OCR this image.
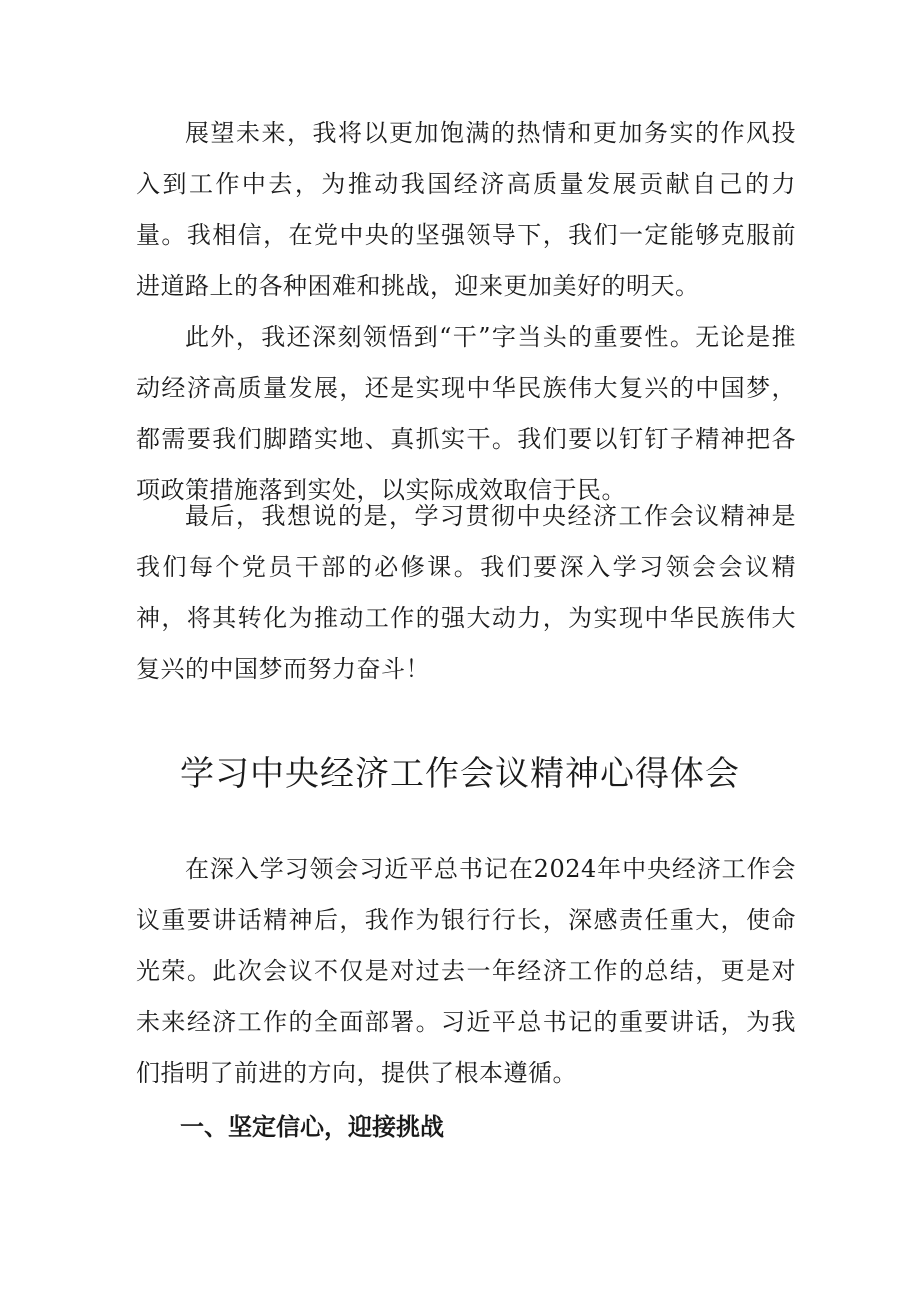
展望未来，我将以更加饱满的热情和更加务实的作风投入到工作中去，为推动我国经济高质量发展贡献自己的力量。我相信，在党中央的坚强领导下，我们一定能够克服前进道路上的各种困难和挑战，迎来更加美好的明天。

此外，我还深刻领悟到“干”字当头的重要性。无论是推动经济高质量发展，还是实现中华民族伟大复兴的中国梦，都需要我们脚踏实地、真抓实干。我们要以钉钉子精神把各项政策措施落到实处，以实际成效取信于民。

最后，我想说的是，学习贯彻中央经济工作会议精神是我们每个党员干部的必修课。我们要深入学习领会会议精神，将其转化为推动工作的强大动力，为实现中华民族伟大复兴的中国梦而努力奋斗！

学习中央经济工作会议精神心得体会

在深入学习领会习近平总书记在2024年中央经济工作会议重要讲话精神后，我作为银行行长，深感责任重大，使命光荣。此次会议不仅是对过去一年经济工作的总结，更是对未来经济工作的全面部署。习近平总书记的重要讲话，为我们指明了前进的方向，提供了根本遵循。

一、坚定信心，迎接挑战
